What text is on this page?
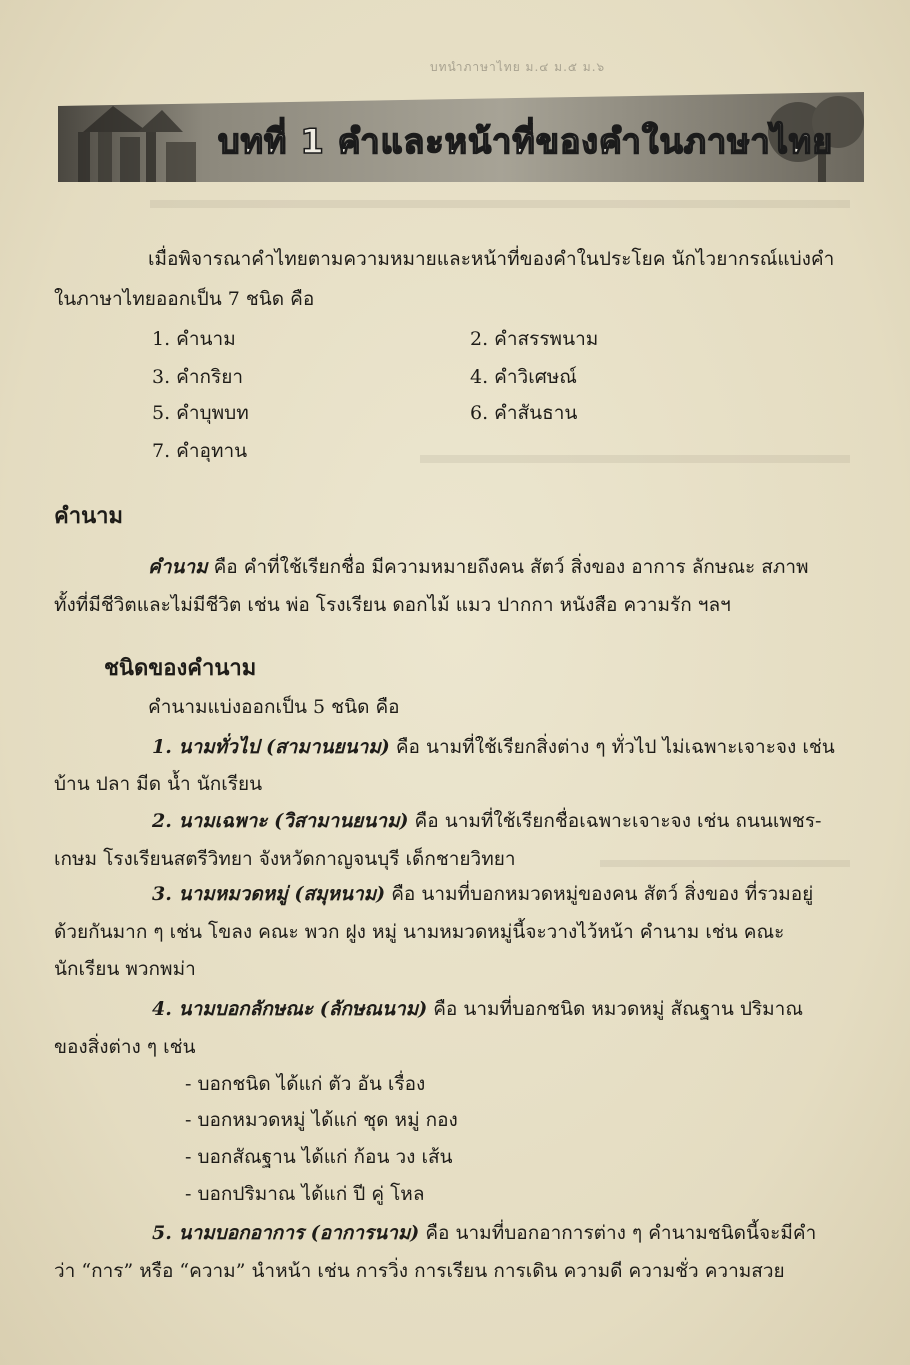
บทนำภาษาไทย ม.๔ ม.๕ ม.๖
บทที่ 1 คำและหน้าที่ของคำในภาษาไทย
เมื่อพิจารณาคำไทยตามความหมายและหน้าที่ของคำในประโยค นักไวยากรณ์แบ่งคำ
ในภาษาไทยออกเป็น 7 ชนิด คือ
1. คำนาม	2. คำสรรพนาม
3. คำกริยา	4. คำวิเศษณ์
5. คำบุพบท	6. คำสันธาน
7. คำอุทาน
คำนาม
คำนาม คือ คำที่ใช้เรียกชื่อ มีความหมายถึงคน สัตว์ สิ่งของ อาการ ลักษณะ สภาพ
ทั้งที่มีชีวิตและไม่มีชีวิต เช่น พ่อ โรงเรียน ดอกไม้ แมว ปากกา หนังสือ ความรัก ฯลฯ
ชนิดของคำนาม
คำนามแบ่งออกเป็น 5 ชนิด คือ
1. นามทั่วไป (สามานยนาม) คือ นามที่ใช้เรียกสิ่งต่าง ๆ ทั่วไป ไม่เฉพาะเจาะจง เช่น
บ้าน ปลา มีด น้ำ นักเรียน
2. นามเฉพาะ (วิสามานยนาม) คือ นามที่ใช้เรียกชื่อเฉพาะเจาะจง เช่น ถนนเพชร-
เกษม โรงเรียนสตรีวิทยา จังหวัดกาญจนบุรี เด็กชายวิทยา
3. นามหมวดหมู่ (สมุหนาม) คือ นามที่บอกหมวดหมู่ของคน สัตว์ สิ่งของ ที่รวมอยู่
ด้วยกันมาก ๆ เช่น โขลง คณะ พวก ฝูง หมู่ นามหมวดหมู่นี้จะวางไว้หน้า คำนาม เช่น คณะ
นักเรียน พวกพม่า
4. นามบอกลักษณะ (ลักษณนาม) คือ นามที่บอกชนิด หมวดหมู่ สัณฐาน ปริมาณ
ของสิ่งต่าง ๆ เช่น
- บอกชนิด ได้แก่ ตัว อัน เรื่อง
- บอกหมวดหมู่ ได้แก่ ชุด หมู่ กอง
- บอกสัณฐาน ได้แก่ ก้อน วง เส้น
- บอกปริมาณ ได้แก่ ปี คู่ โหล
5. นามบอกอาการ (อาการนาม) คือ นามที่บอกอาการต่าง ๆ คำนามชนิดนี้จะมีคำ
ว่า “การ” หรือ “ความ” นำหน้า เช่น การวิ่ง การเรียน การเดิน ความดี ความชั่ว ความสวย
